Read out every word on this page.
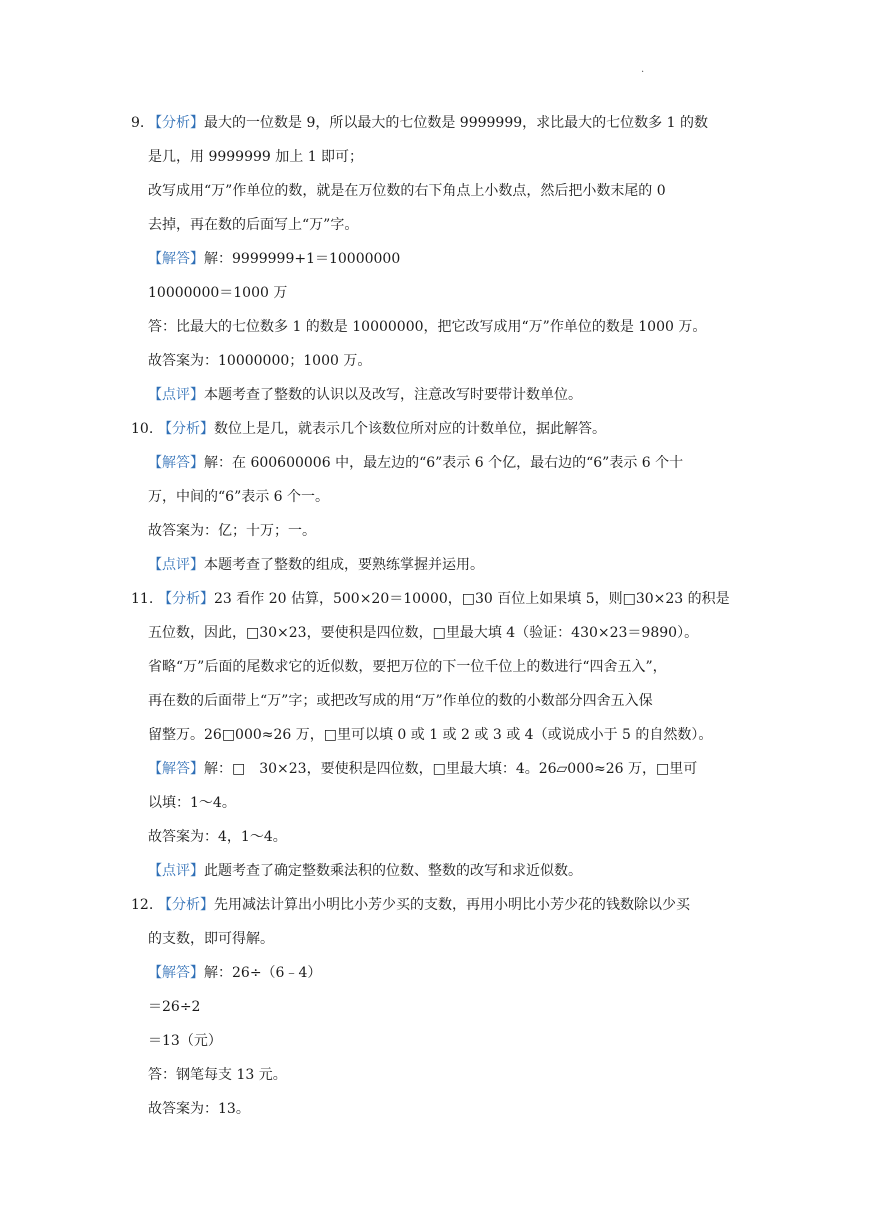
.
9. 【分析】最大的一位数是 9，所以最大的七位数是 9999999，求比最大的七位数多 1 的数
是几，用 9999999 加上 1 即可；
改写成用“万”作单位的数，就是在万位数的右下角点上小数点，然后把小数末尾的 0
去掉，再在数的后面写上“万”字。
【解答】解：9999999+1＝10000000
10000000＝1000 万
答：比最大的七位数多 1 的数是 10000000，把它改写成用“万”作单位的数是 1000 万。
故答案为：10000000；1000 万。
【点评】本题考查了整数的认识以及改写，注意改写时要带计数单位。
10. 【分析】数位上是几，就表示几个该数位所对应的计数单位，据此解答。
【解答】解：在 600600006 中，最左边的“6”表示 6 个亿，最右边的“6”表示 6 个十
万，中间的“6”表示 6 个一。
故答案为：亿；十万；一。
【点评】本题考查了整数的组成，要熟练掌握并运用。
11. 【分析】23 看作 20 估算，500×20＝10000，□30 百位上如果填 5，则□30×23 的积是
五位数，因此，□30×23，要使积是四位数，□里最大填 4（验证：430×23＝9890）。
省略“万”后面的尾数求它的近似数，要把万位的下一位千位上的数进行“四舍五入”，
再在数的后面带上“万”字；或把改写成的用“万”作单位的数的小数部分四舍五入保
留整万。26□000≈26 万，□里可以填 0 或 1 或 2 或 3 或 4（或说成小于 5 的自然数）。
【解答】解：□　30×23，要使积是四位数，□里最大填：4。26▱000≈26 万，□里可
以填：1～4。
故答案为：4，1～4。
【点评】此题考查了确定整数乘法积的位数、整数的改写和求近似数。
12. 【分析】先用减法计算出小明比小芳少买的支数，再用小明比小芳少花的钱数除以少买
的支数，即可得解。
【解答】解：26÷（6﹣4）
＝26÷2
＝13（元）
答：钢笔每支 13 元。
故答案为：13。
